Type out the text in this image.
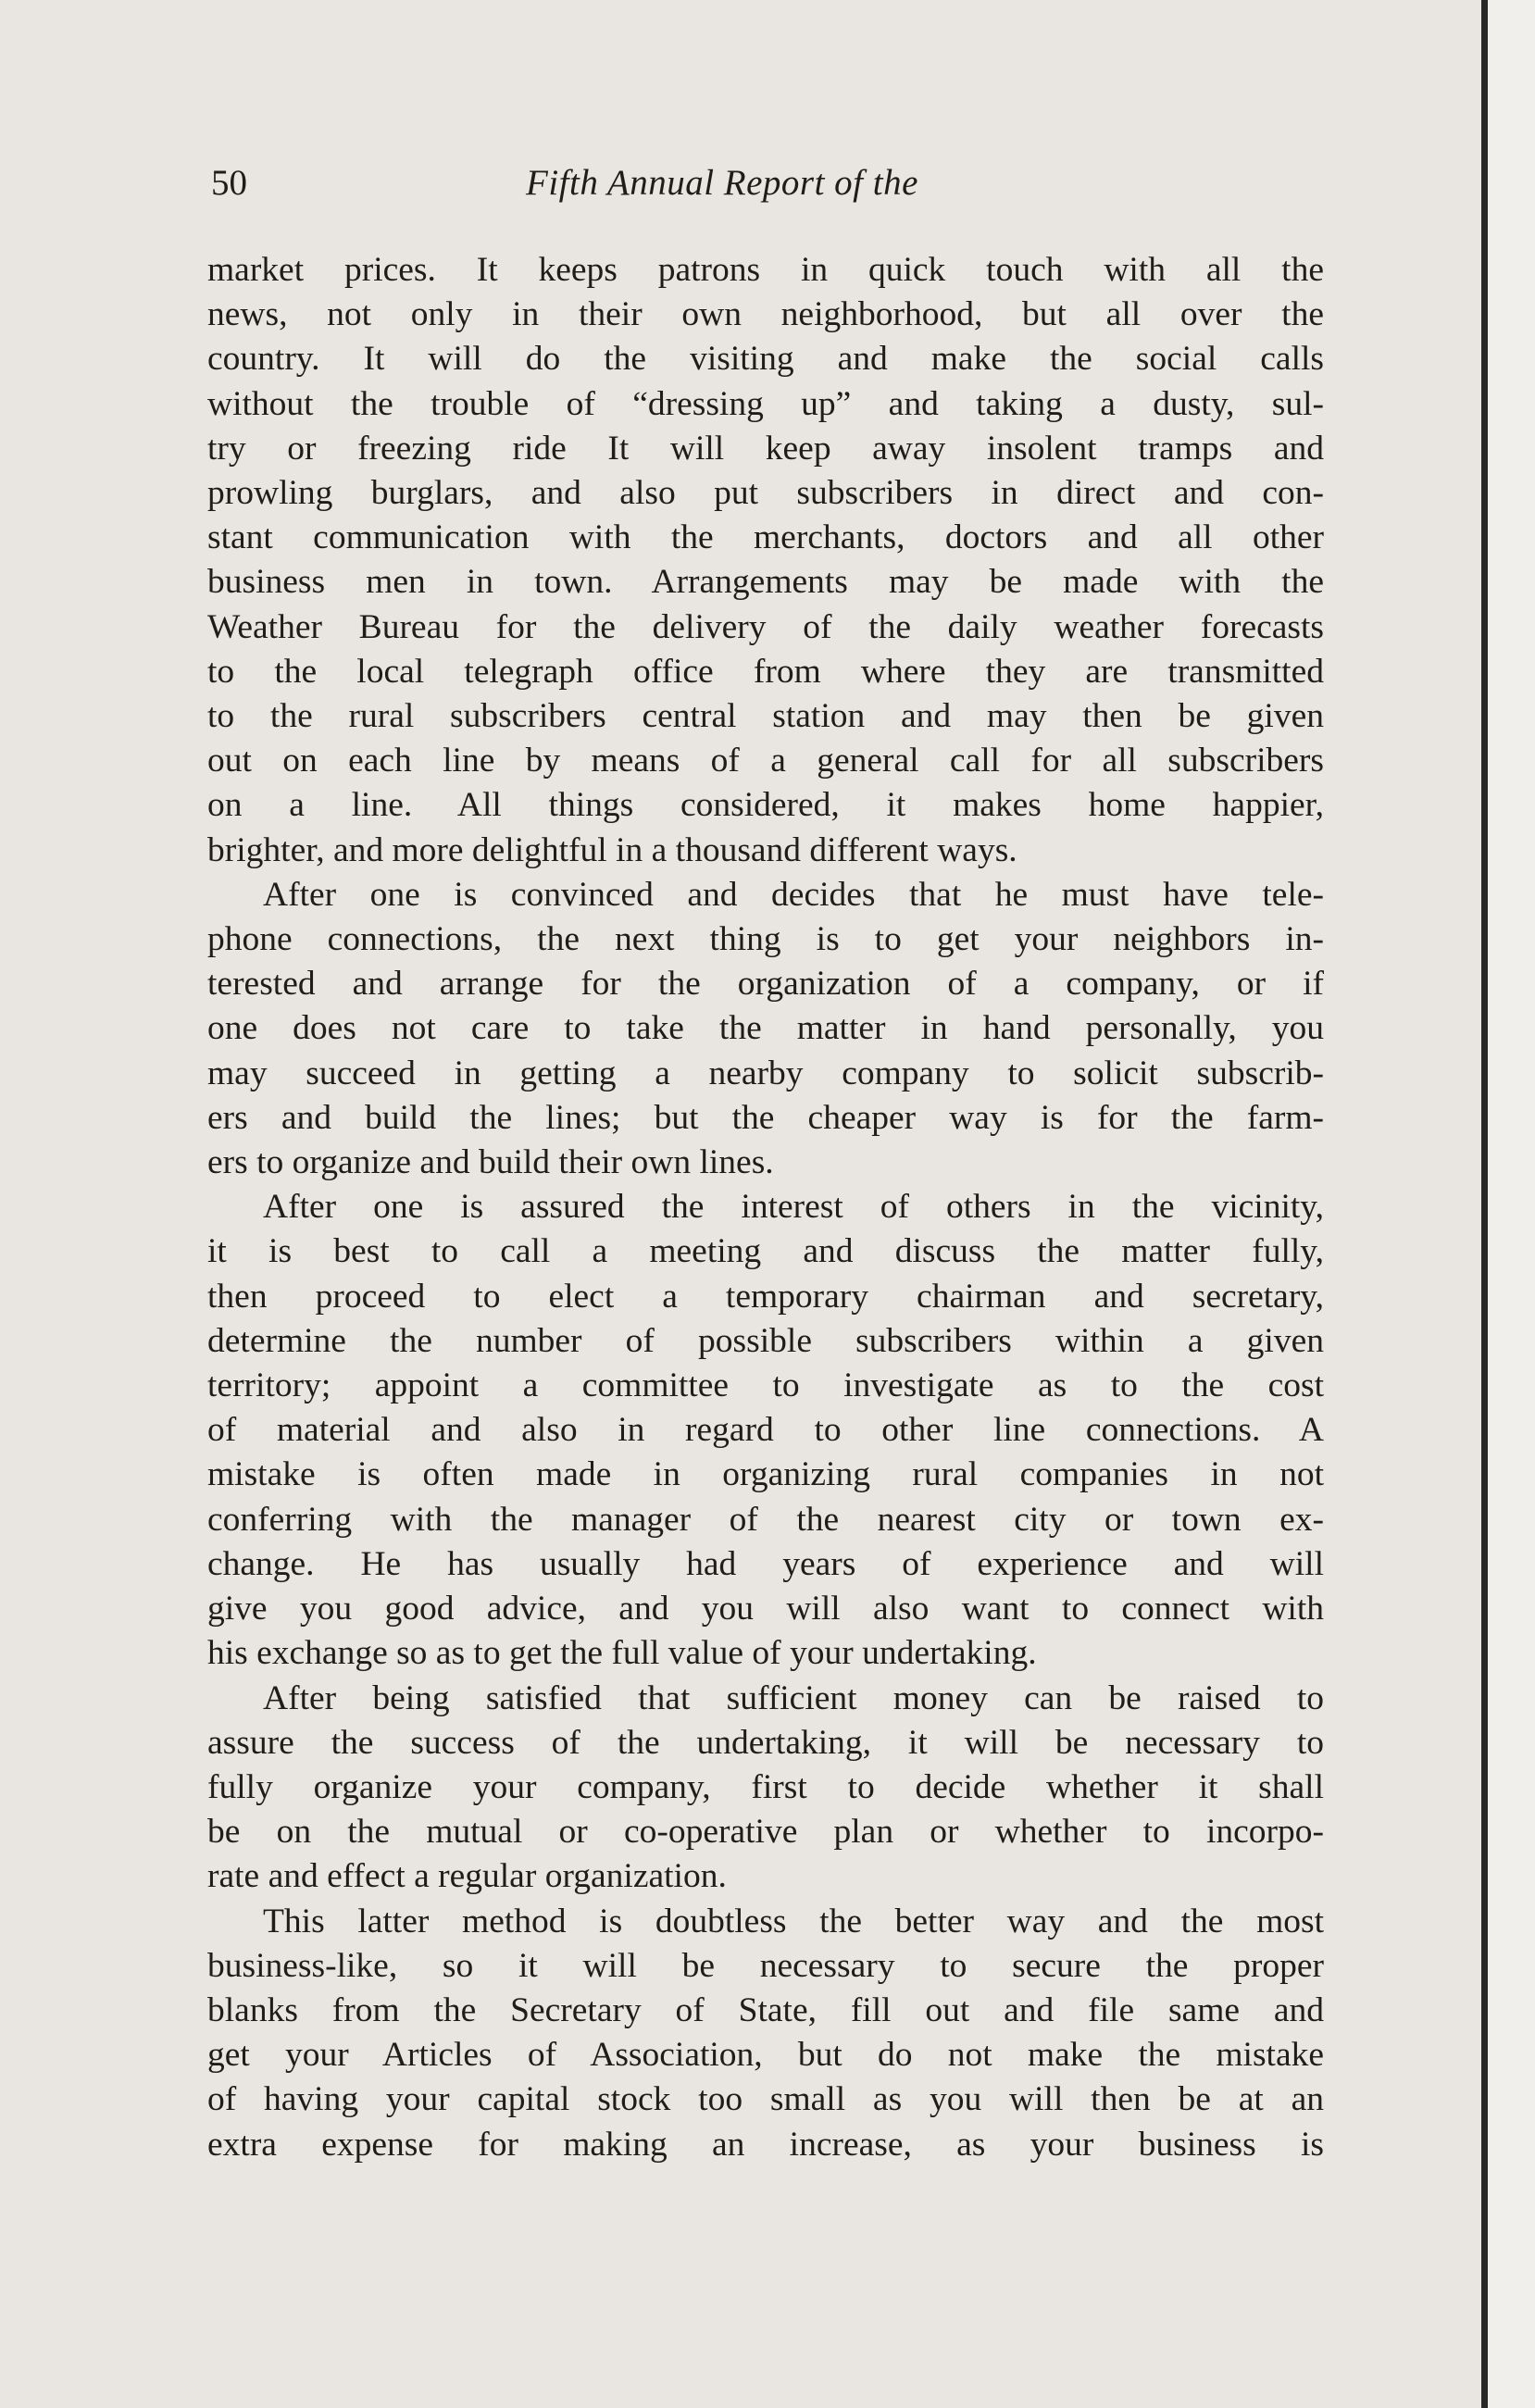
50	Fifth Annual Report of the
market prices. It keeps patrons in quick touch with all the
news, not only in their own neighborhood, but all over the
country. It will do the visiting and make the social calls
without the trouble of “dressing up” and taking a dusty, sul-
try or freezing ride It will keep away insolent tramps and
prowling burglars, and also put subscribers in direct and con-
stant communication with the merchants, doctors and all other
business men in town. Arrangements may be made with the
Weather Bureau for the delivery of the daily weather forecasts
to the local telegraph office from where they are transmitted
to the rural subscribers central station and may then be given
out on each line by means of a general call for all subscribers
on a line. All things considered, it makes home happier,
brighter, and more delightful in a thousand different ways.
After one is convinced and decides that he must have tele-
phone connections, the next thing is to get your neighbors in-
terested and arrange for the organization of a company, or if
one does not care to take the matter in hand personally, you
may succeed in getting a nearby company to solicit subscrib-
ers and build the lines; but the cheaper way is for the farm-
ers to organize and build their own lines.
After one is assured the interest of others in the vicinity,
it is best to call a meeting and discuss the matter fully,
then proceed to elect a temporary chairman and secretary,
determine the number of possible subscribers within a given
territory; appoint a committee to investigate as to the cost
of material and also in regard to other line connections. A
mistake is often made in organizing rural companies in not
conferring with the manager of the nearest city or town ex-
change. He has usually had years of experience and will
give you good advice, and you will also want to connect with
his exchange so as to get the full value of your undertaking.
After being satisfied that sufficient money can be raised to
assure the success of the undertaking, it will be necessary to
fully organize your company, first to decide whether it shall
be on the mutual or co-operative plan or whether to incorpo-
rate and effect a regular organization.
This latter method is doubtless the better way and the most
business-like, so it will be necessary to secure the proper
blanks from the Secretary of State, fill out and file same and
get your Articles of Association, but do not make the mistake
of having your capital stock too small as you will then be at an
extra expense for making an increase, as your business is
